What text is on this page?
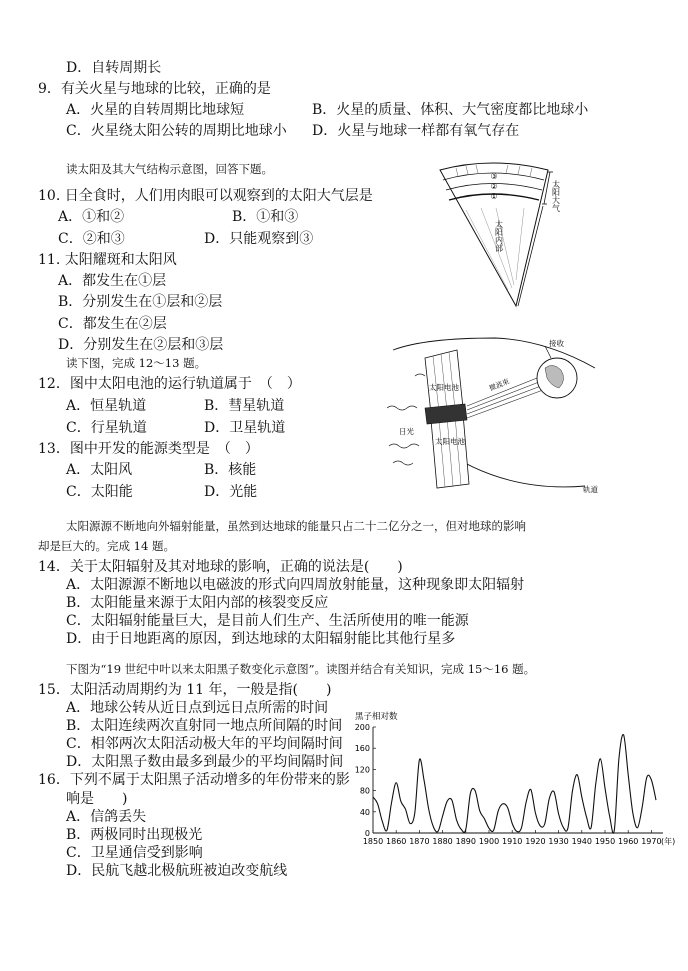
D．自转周期长
9．有关火星与地球的比较，正确的是
A．火星的自转周期比地球短	B．火星的质量、体积、大气密度都比地球小
C．火星绕太阳公转的周期比地球小 D．火星与地球一样都有氧气存在
读太阳及其大气结构示意图，回答下题。
10. 日全食时，人们用肉眼可以观察到的太阳大气层是
A．①和②	B．①和③
C．②和③	D．只能观察到③
11. 太阳耀斑和太阳风
A．都发生在①层
B．分别发生在①层和②层
C．都发生在②层
D．分别发生在②层和③层
读下图，完成 12～13 题。
12．图中太阳电池的运行轨道属于　（　）
A．恒星轨道	B．彗星轨道
C．行星轨道	D．卫星轨道
13．图中开发的能源类型是　（　）
A．太阳风	B．核能
C．太阳能	D．光能
太阳源源不断地向外辐射能量，虽然到达地球的能量只占二十二亿分之一，但对地球的影响
却是巨大的。完成 14 题。
14．关于太阳辐射及其对地球的影响，正确的说法是(　　)
A．太阳源源不断地以电磁波的形式向四周放射能量，这种现象即太阳辐射
B．太阳能量来源于太阳内部的核裂变反应
C．太阳辐射能量巨大，是目前人们生产、生活所使用的唯一能源
D．由于日地距离的原因，到达地球的太阳辐射能比其他行星多
下图为“19 世纪中叶以来太阳黑子数变化示意图”。读图并结合有关知识，完成 15～16 题。
15．太阳活动周期约为 11 年，一般是指(　　)
A．地球公转从近日点到远日点所需的时间
B．太阳连续两次直射同一地点所间隔的时间
C．相邻两次太阳活动极大年的平均间隔时间
D．太阳黑子数由最多到最少的平均间隔时间
16．下列不属于太阳黑子活动增多的年份带来的影
响是　　)
A．信鸽丢失
B．两极同时出现极光
C．卫星通信受到影响
D．民航飞越北极航班被迫改变航线
③
②
①	太阳大气
太阳内部
太阳电池
太阳电池
微波束
接收
日光
轨道
黑子相对数
0
40
80
120
160
200
1850 1860 1870 1880 1890 1900 1910 1920 1930 1940 1950 1960 1970 (年)
